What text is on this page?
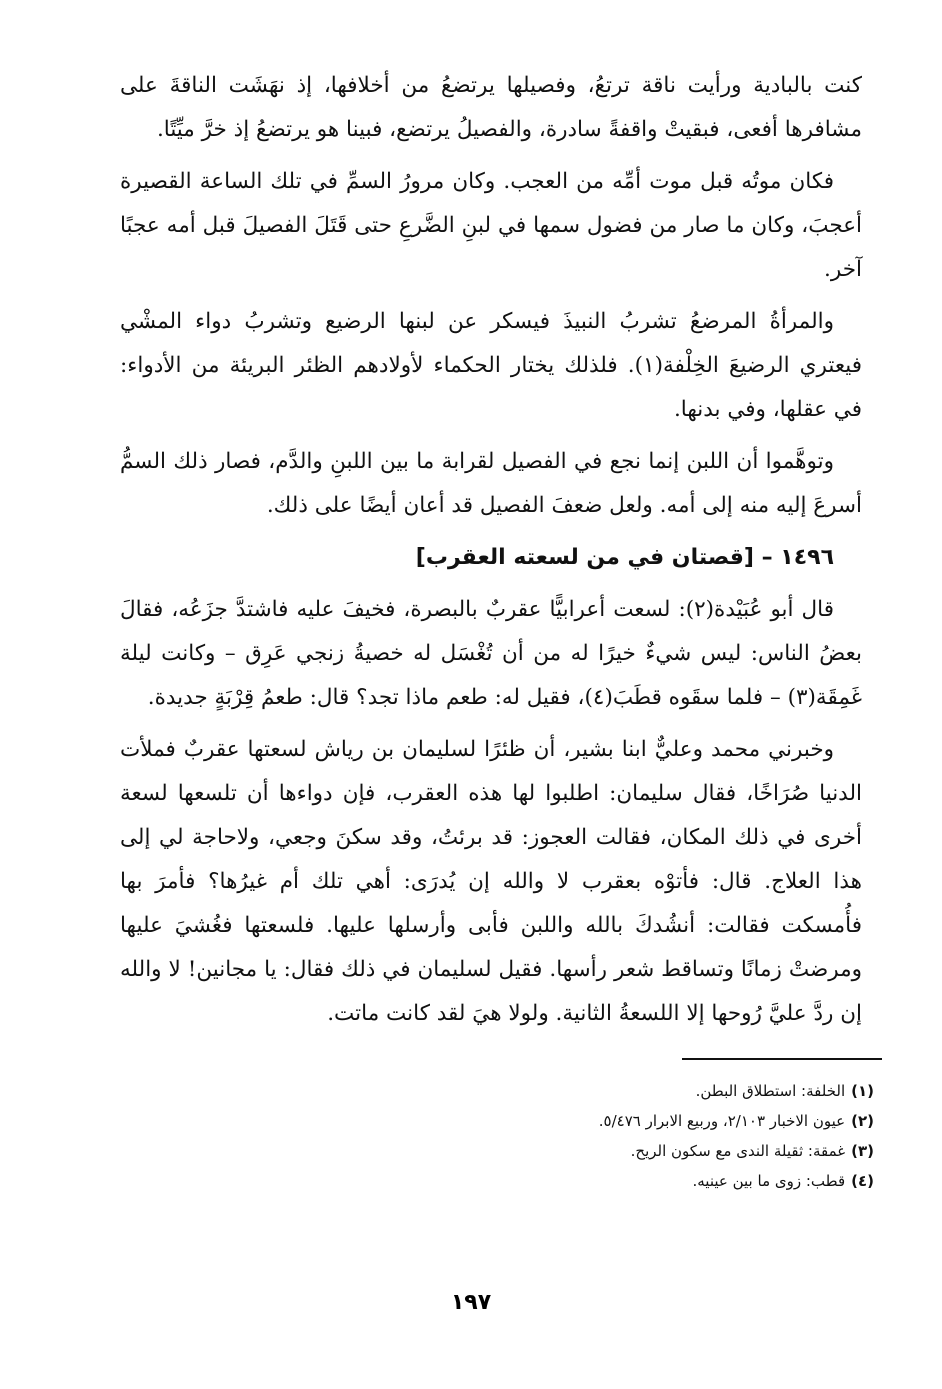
كنت بالبادية ورأيت ناقة ترتعُ، وفصيلها يرتضعُ من أخلافها، إذ نهَشَت الناقةَ على مشافرها أفعى، فبقيتْ واقفةً سادرة، والفصيلُ يرتضع، فبينا هو يرتضعُ إذ خرَّ ميِّتًا.

فكان موتُه قبل موت أمِّه من العجب. وكان مرورُ السمِّ في تلك الساعة القصيرة أعجبَ، وكان ما صار من فضول سمها في لبنِ الضَّرعِ حتى قَتَلَ الفصيلَ قبل أمه عجبًا آخر.

والمرأةُ المرضعُ تشربُ النبيذَ فيسكر عن لبنها الرضيع وتشربُ دواء المشْي فيعتري الرضيعَ الخِلْفة(١). فلذلك يختار الحكماء لأولادهم الظئر البريئة من الأدواء: في عقلها، وفي بدنها.

وتوهَّموا أن اللبن إنما نجع في الفصيل لقرابة ما بين اللبنِ والدَّم، فصار ذلك السمُّ أسرعَ إليه منه إلى أمه. ولعل ضعفَ الفصيل قد أعان أيضًا على ذلك.

١٤٩٦ – [قصتان في من لسعته العقرب]

قال أبو عُبَيْدة(٢): لسعت أعرابيًّا عقربٌ بالبصرة، فخيفَ عليه فاشتدَّ جزَعُه، فقالَ بعضُ الناس: ليس شيءٌ خيرًا له من أن تُغْسَل له خصيةُ زنجي عَرِق – وكانت ليلة غَمِقَة(٣) – فلما سقَوه قطَبَ(٤)، فقيل له: طعم ماذا تجد؟ قال: طعمُ قِرْبَةٍ جديدة.

وخبرني محمد وعليٌّ ابنا بشير، أن ظئرًا لسليمان بن رياش لسعتها عقربٌ فملأت الدنيا صُرَاخًا، فقال سليمان: اطلبوا لها هذه العقرب، فإن دواءها أن تلسعها لسعة أخرى في ذلك المكان، فقالت العجوز: قد برئتُ، وقد سكنَ وجعي، ولاحاجة لي إلى هذا العلاج. قال: فأتوْه بعقرب لا والله إن يُدرَى: أهي تلك أم غيرُها؟ فأمرَ بها فأُمسكت فقالت: أنشُدكَ بالله واللبن فأبى وأرسلها عليها. فلسعتها فغُشيَ عليها ومرضتْ زمانًا وتساقط شعر رأسها. فقيل لسليمان في ذلك فقال: يا مجانين! لا والله إن ردَّ عليَّ رُوحها إلا اللسعةُ الثانية. ولولا هيَ لقد كانت ماتت.

(١)
الخلفة: استطلاق البطن.
(٢)
عيون الاخبار ٢/١٠٣، وربيع الابرار ٥/٤٧٦.
(٣)
غمقة: ثقيلة الندى مع سكون الريح.
(٤)
قطب: زوى ما بين عينيه.
١٩٧
